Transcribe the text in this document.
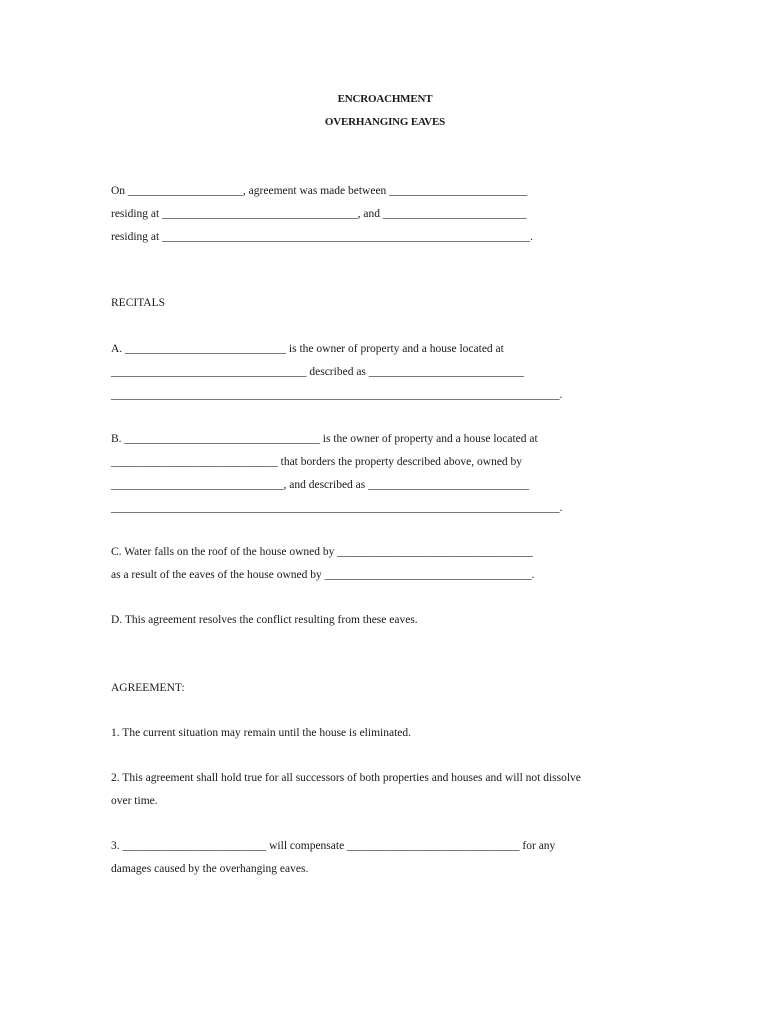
ENCROACHMENT
OVERHANGING EAVES
On ____________________, agreement was made between ________________________
residing at __________________________________, and _________________________
residing at ________________________________________________________________.
RECITALS
A. ____________________________ is the owner of property and a house located at
__________________________________ described as ___________________________
______________________________________________________________________________.
B. __________________________________ is the owner of property and a house located at
_____________________________ that borders the property described above, owned by
______________________________, and described as ____________________________
______________________________________________________________________________.
C. Water falls on the roof of the house owned by __________________________________
as a result of the eaves of the house owned by ____________________________________.
D. This agreement resolves the conflict resulting from these eaves.
AGREEMENT:
1. The current situation may remain until the house is eliminated.
2. This agreement shall hold true for all successors of both properties and houses and will not dissolve
over time.
3. _________________________ will compensate ______________________________ for any
damages caused by the overhanging eaves.
